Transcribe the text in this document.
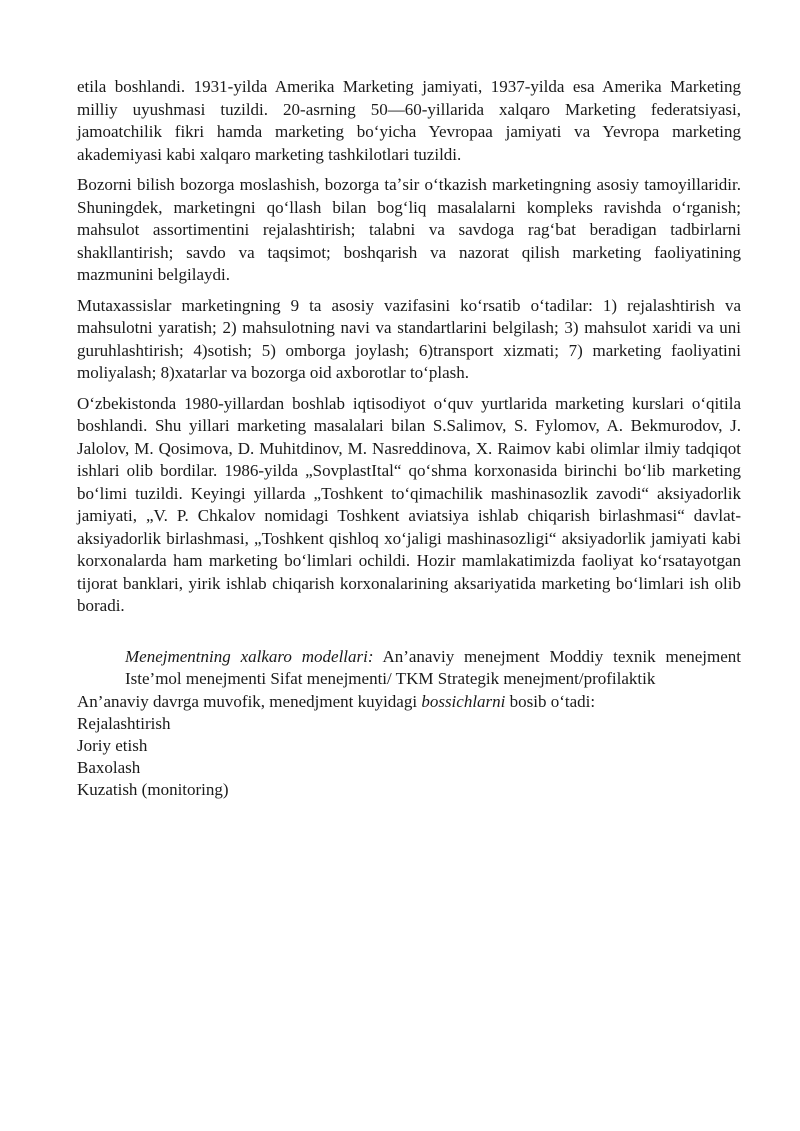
etila boshlandi. 1931-yilda Amerika Marketing jamiyati, 1937-yilda esa Amerika Marketing milliy uyushmasi tuzildi. 20-asrning 50—60-yillarida xalqaro Marketing federatsiyasi, jamoatchilik fikri hamda marketing boʻyicha Yevropaa jamiyati va Yevropa marketing akademiyasi kabi xalqaro marketing tashkilotlari tuzildi.

Bozorni bilish bozorga moslashish, bozorga taʼsir oʻtkazish marketingning asosiy tamoyillaridir. Shuningdek, marketingni qoʻllash bilan bogʻliq masalalarni kompleks ravishda oʻrganish; mahsulot assortimentini rejalashtirish; talabni va savdoga ragʻbat beradigan tadbirlarni shakllantirish; savdo va taqsimot; boshqarish va nazorat qilish marketing faoliyatining mazmunini belgilaydi.

Mutaxassislar marketingning 9 ta asosiy vazifasini koʻrsatib oʻtadilar: 1) rejalashtirish va mahsulotni yaratish; 2) mahsulotning navi va standartlarini belgilash; 3) mahsulot xaridi va uni guruhlashtirish; 4)sotish; 5) omborga joylash; 6)transport xizmati; 7) marketing faoliyatini moliyalash; 8)xatarlar va bozorga oid axborotlar toʻplash.

Oʻzbekistonda 1980-yillardan boshlab iqtisodiyot oʻquv yurtlarida marketing kurslari oʻqitila boshlandi. Shu yillari marketing masalalari bilan S.Salimov, S. Fylomov, A. Bekmurodov, J. Jalolov, M. Qosimova, D. Muhitdinov, M. Nasreddinova, X. Raimov kabi olimlar ilmiy tadqiqot ishlari olib bordilar. 1986-yilda „SovplastItal“ qoʻshma korxonasida birinchi boʻlib marketing boʻlimi tuzildi. Keyingi yillarda „Toshkent toʻqimachilik mashinasozlik zavodi“ aksiyadorlik jamiyati, „V. P. Chkalov nomidagi Toshkent aviatsiya ishlab chiqarish birlashmasi“ davlat-aksiyadorlik birlashmasi, „Toshkent qishloq xoʻjaligi mashinasozligi“ aksiyadorlik jamiyati kabi korxonalarda ham marketing boʻlimlari ochildi. Hozir mamlakatimizda faoliyat koʻrsatayotgan tijorat banklari, yirik ishlab chiqarish korxonalarining aksariyatida marketing boʻlimlari ish olib boradi.

Menejmentning xalkaro modellari: An’anaviy menejment Moddiy texnik menejment Iste’mol menejmenti Sifat menejmenti/ TKM Strategik menejment/profilaktik

An’anaviy davrga muvofik, menedjment kuyidagi bossichlarni bosib o‘tadi:

Rejalashtirish
Joriy etish
Baxolash
Kuzatish (monitoring)
